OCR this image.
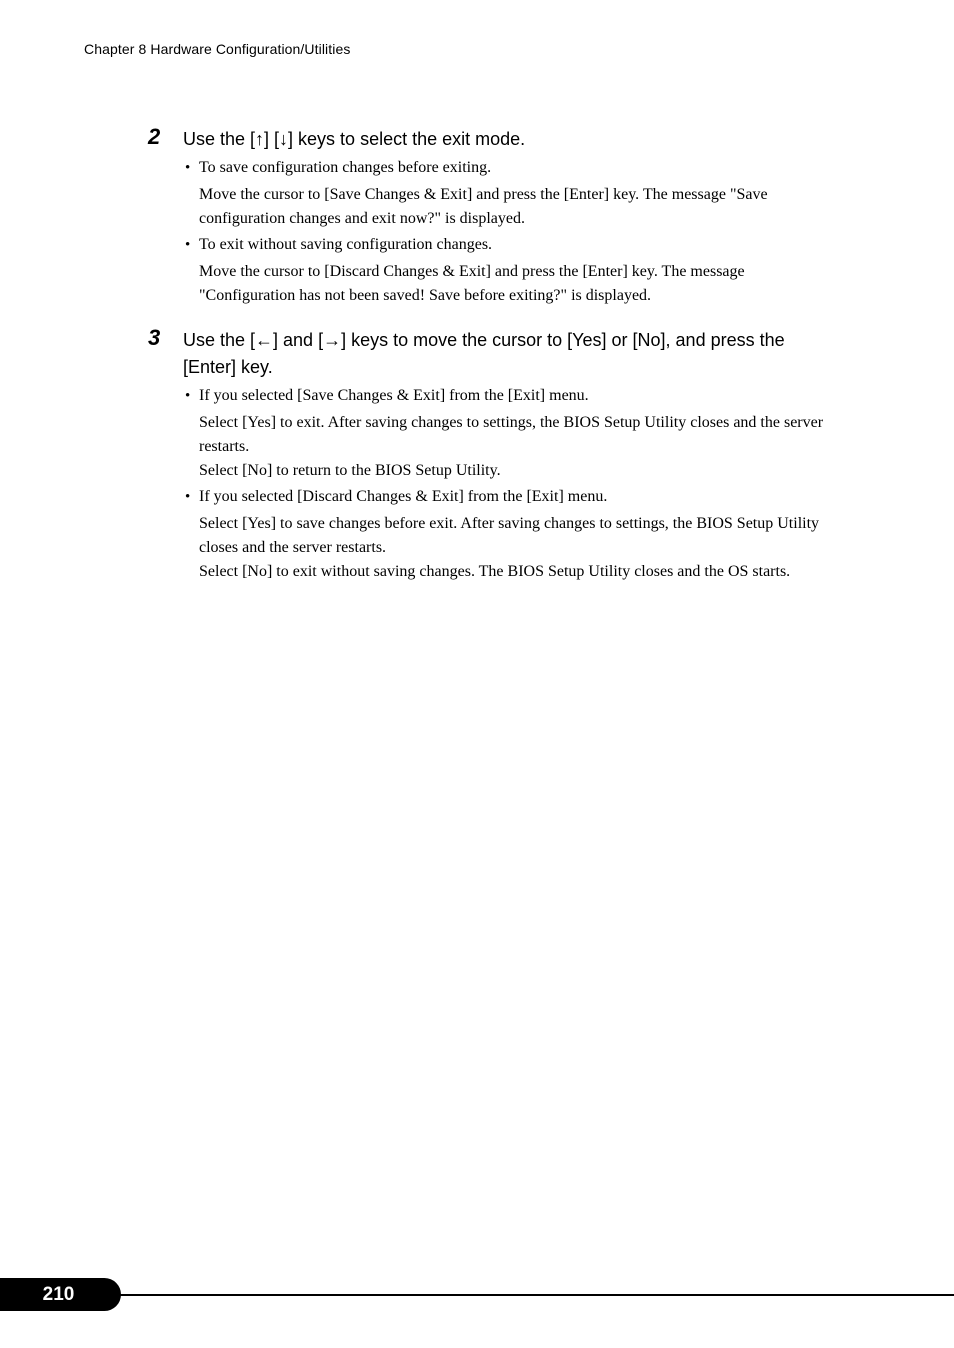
Chapter 8 Hardware Configuration/Utilities
2 Use the [↑] [↓] keys to select the exit mode.
• To save configuration changes before exiting.

Move the cursor to [Save Changes & Exit] and press the [Enter] key. The message "Save configuration changes and exit now?" is displayed.

• To exit without saving configuration changes.

Move the cursor to [Discard Changes & Exit] and press the [Enter] key. The message "Configuration has not been saved! Save before exiting?" is displayed.

3 Use the [←] and [→] keys to move the cursor to [Yes] or [No], and press the [Enter] key.
• If you selected [Save Changes & Exit] from the [Exit] menu.

Select [Yes] to exit. After saving changes to settings, the BIOS Setup Utility closes and the server restarts.

Select [No] to return to the BIOS Setup Utility.

• If you selected [Discard Changes & Exit] from the [Exit] menu.

Select [Yes] to save changes before exit. After saving changes to settings, the BIOS Setup Utility closes and the server restarts.

Select [No] to exit without saving changes. The BIOS Setup Utility closes and the OS starts.

210
